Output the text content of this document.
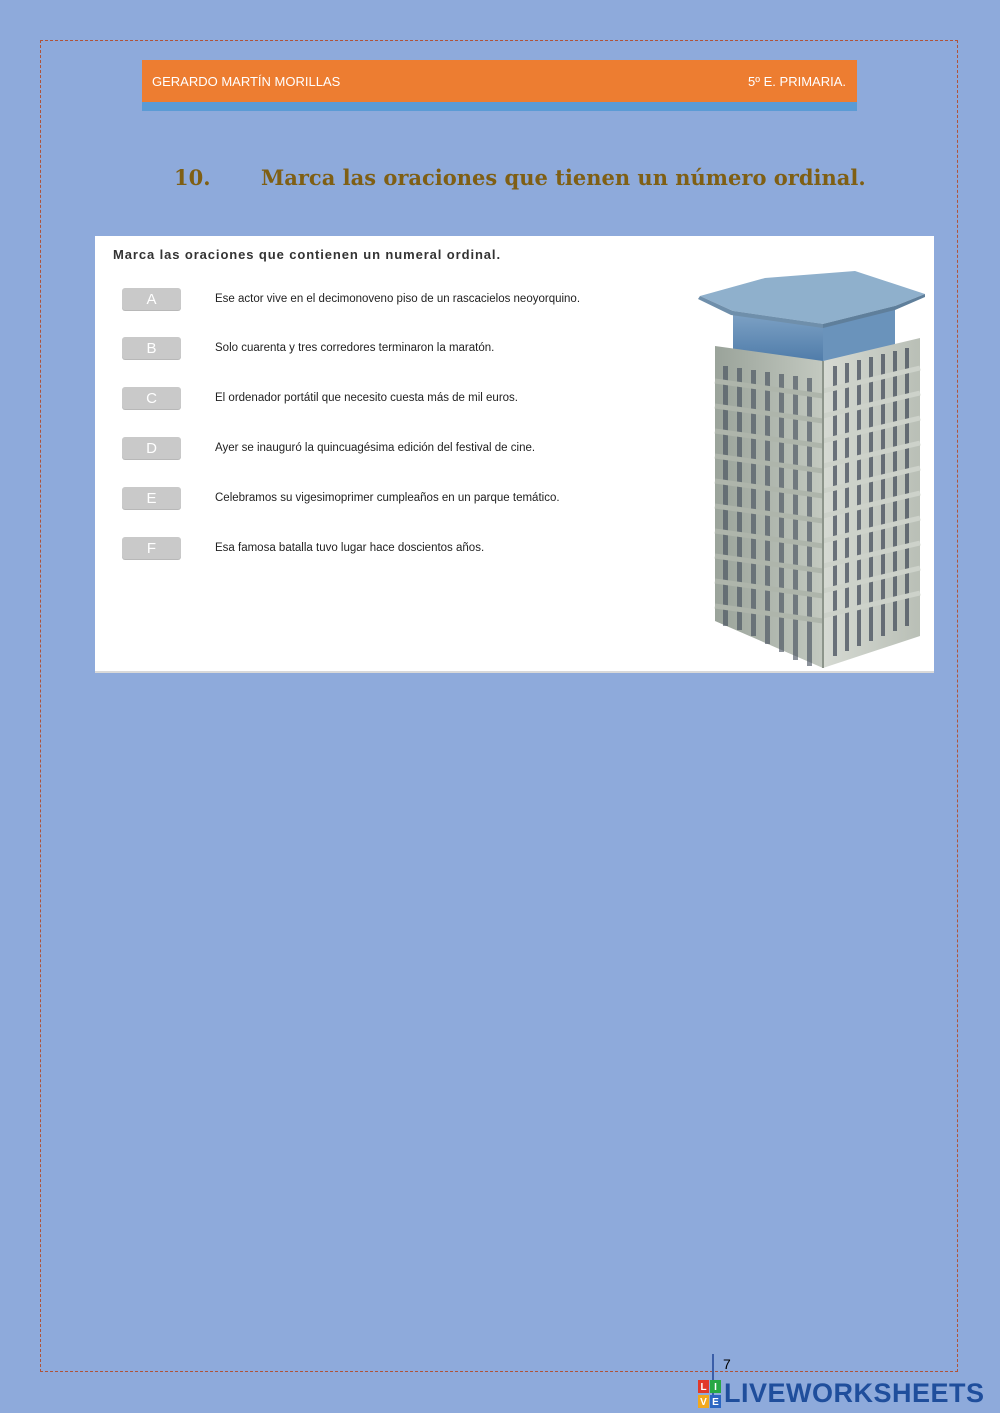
GERARDO MARTÍN MORILLAS	5º E. PRIMARIA.
10. Marca las oraciones que tienen un número ordinal.
Marca las oraciones que contienen un numeral ordinal.
A	Ese actor vive en el decimonoveno piso de un rascacielos neoyorquino.
B	Solo cuarenta y tres corredores terminaron la maratón.
C	El ordenador portátil que necesito cuesta más de mil euros.
D	Ayer se inauguró la quincuagésima edición del festival de cine.
E	Celebramos su vigesimoprimer cumpleaños en un parque temático.
F	Esa famosa batalla tuvo lugar hace doscientos años.
7
L I
V E LIVEWORKSHEETS
